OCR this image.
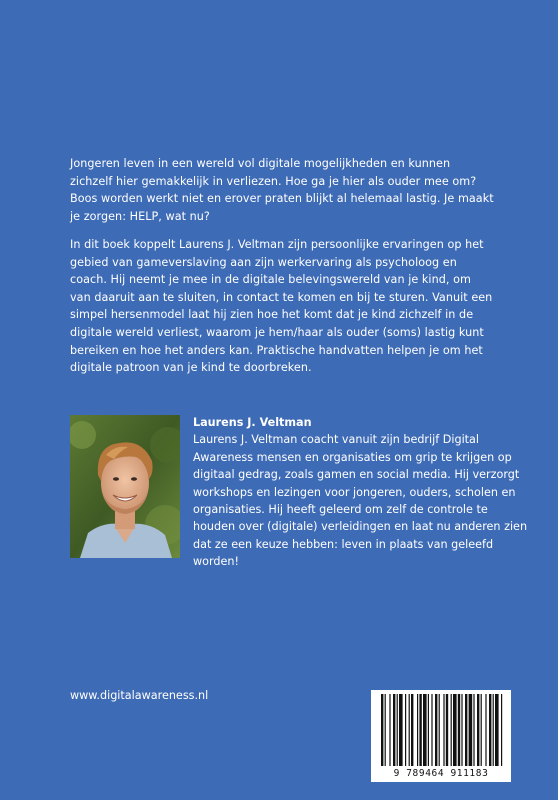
Jongeren leven in een wereld vol digitale mogelijkheden en kunnen zichzelf hier gemakkelijk in verliezen. Hoe ga je hier als ouder mee om? Boos worden werkt niet en erover praten blijkt al helemaal lastig. Je maakt je zorgen: HELP, wat nu?

In dit boek koppelt Laurens J. Veltman zijn persoonlijke ervaringen op het gebied van gameverslaving aan zijn werkervaring als psycholoog en coach. Hij neemt je mee in de digitale belevingswereld van je kind, om van daaruit aan te sluiten, in contact te komen en bij te sturen. Vanuit een simpel hersenmodel laat hij zien hoe het komt dat je kind zichzelf in de digitale wereld verliest, waarom je hem/haar als ouder (soms) lastig kunt bereiken en hoe het anders kan. Praktische handvatten helpen je om het digitale patroon van je kind te doorbreken.

Laurens J. Veltman
Laurens J. Veltman coacht vanuit zijn bedrijf Digital Awareness mensen en organisaties om grip te krijgen op digitaal gedrag, zoals gamen en social media. Hij verzorgt workshops en lezingen voor jongeren, ouders, scholen en organisaties. Hij heeft geleerd om zelf de controle te houden over (digitale) verleidingen en laat nu anderen zien dat ze een keuze hebben: leven in plaats van geleefd worden!
www.digitalawareness.nl
9 789464 911183
